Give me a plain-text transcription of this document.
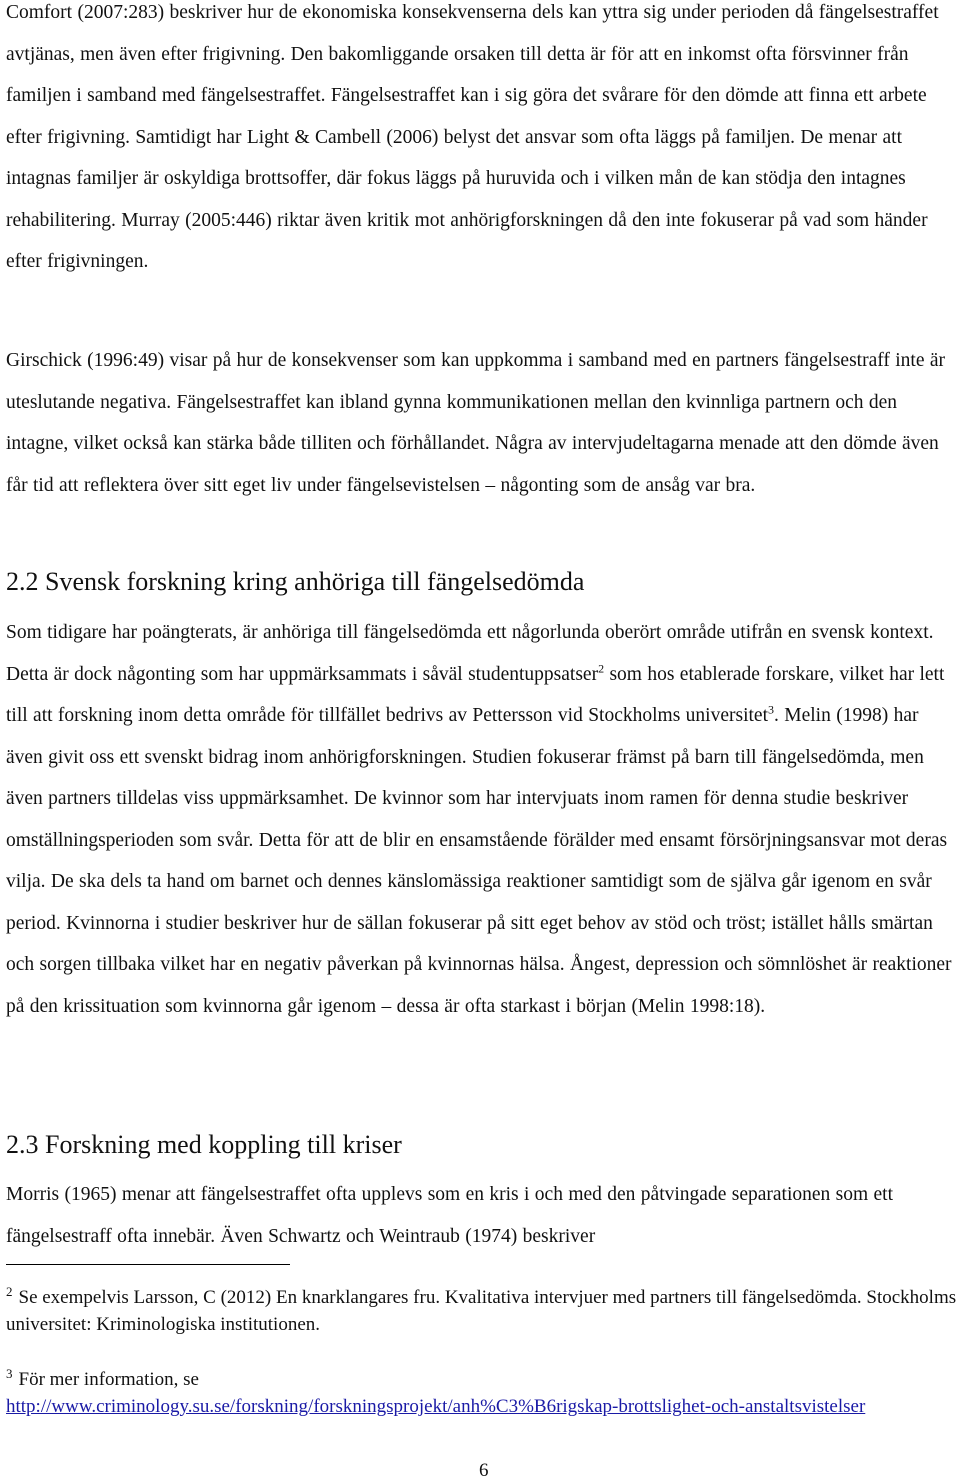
Comfort (2007:283) beskriver hur de ekonomiska konsekvenserna dels kan yttra sig under perioden då fängelsestraffet avtjänas, men även efter frigivning. Den bakomliggande orsaken till detta är för att en inkomst ofta försvinner från familjen i samband med fängelsestraffet. Fängelsestraffet kan i sig göra det svårare för den dömde att finna ett arbete efter frigivning. Samtidigt har Light & Cambell (2006) belyst det ansvar som ofta läggs på familjen. De menar att intagnas familjer är oskyldiga brottsoffer, där fokus läggs på huruvida och i vilken mån de kan stödja den intagnes rehabilitering. Murray (2005:446) riktar även kritik mot anhörigforskningen då den inte fokuserar på vad som händer efter frigivningen.

Girschick (1996:49) visar på hur de konsekvenser som kan uppkomma i samband med en partners fängelsestraff inte är uteslutande negativa. Fängelsestraffet kan ibland gynna kommunikationen mellan den kvinnliga partnern och den intagne, vilket också kan stärka både tilliten och förhållandet. Några av intervjudeltagarna menade att den dömde även får tid att reflektera över sitt eget liv under fängelsevistelsen – någonting som de ansåg var bra.

2.2 Svensk forskning kring anhöriga till fängelsedömda

Som tidigare har poängterats, är anhöriga till fängelsedömda ett någorlunda oberört område utifrån en svensk kontext. Detta är dock någonting som har uppmärksammats i såväl studentuppsatser$^2$ som hos etablerade forskare, vilket har lett till att forskning inom detta område för tillfället bedrivs av Pettersson vid Stockholms universitet$^3$. Melin (1998) har även givit oss ett svenskt bidrag inom anhörigforskningen. Studien fokuserar främst på barn till fängelsedömda, men även partners tilldelas viss uppmärksamhet. De kvinnor som har intervjuats inom ramen för denna studie beskriver omställningsperioden som svår. Detta för att de blir en ensamstående förälder med ensamt försörjningsansvar mot deras vilja. De ska dels ta hand om barnet och dennes känslomässiga reaktioner samtidigt som de själva går igenom en svår period. Kvinnorna i studier beskriver hur de sällan fokuserar på sitt eget behov av stöd och tröst; istället hålls smärtan och sorgen tillbaka vilket har en negativ påverkan på kvinnornas hälsa. Ångest, depression och sömnlöshet är reaktioner på den krissituation som kvinnorna går igenom – dessa är ofta starkast i början (Melin 1998:18).

2.3 Forskning med koppling till kriser

Morris (1965) menar att fängelsestraffet ofta upplevs som en kris i och med den påtvingade separationen som ett fängelsestraff ofta innebär. Även Schwartz och Weintraub (1974) beskriver

$^2$ Se exempelvis Larsson, C (2012) En knarklangares fru. Kvalitativa intervjuer med partners till fängelsedömda. Stockholms universitet: Kriminologiska institutionen.

$^3$ För mer information, se
http://www.criminology.su.se/forskning/forskningsprojekt/anh%C3%B6rigskap-brottslighet-och-anstaltsvistelser

6
